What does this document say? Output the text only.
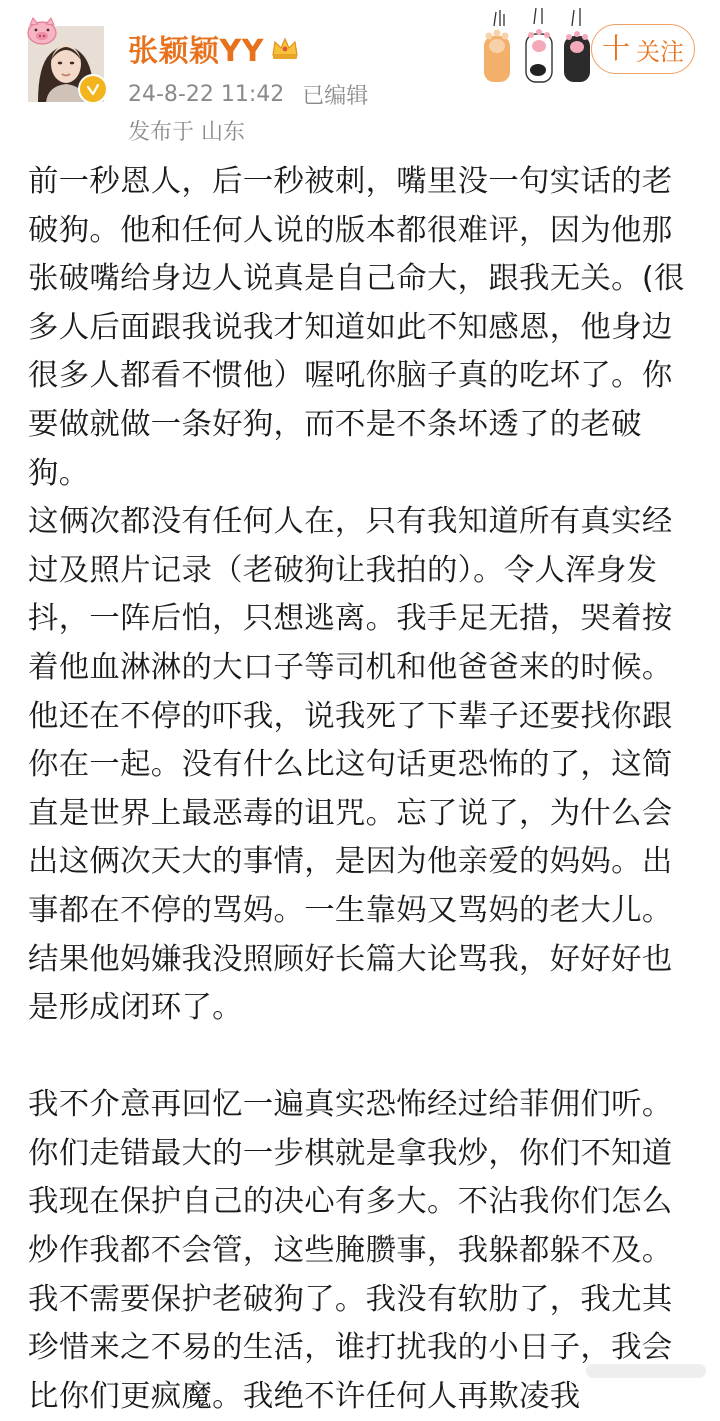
张颖颖YY
24-8-22 11:42 已编辑
发布于 山东
十 关注

前一秒恩人，后一秒被刺，嘴里没一句实话的老破狗。他和任何人说的版本都很难评，因为他那张破嘴给身边人说真是自己命大，跟我无关。(很多人后面跟我说我才知道如此不知感恩，他身边很多人都看不惯他）喔吼你脑子真的吃坏了。你要做就做一条好狗，而不是不条坏透了的老破狗。

这俩次都没有任何人在，只有我知道所有真实经过及照片记录（老破狗让我拍的）。令人浑身发抖，一阵后怕，只想逃离。我手足无措，哭着按着他血淋淋的大口子等司机和他爸爸来的时候。他还在不停的吓我，说我死了下辈子还要找你跟你在一起。没有什么比这句话更恐怖的了，这简直是世界上最恶毒的诅咒。忘了说了，为什么会出这俩次天大的事情，是因为他亲爱的妈妈。出事都在不停的骂妈。一生靠妈又骂妈的老大儿。结果他妈嫌我没照顾好长篇大论骂我，好好好也是形成闭环了。

我不介意再回忆一遍真实恐怖经过给菲佣们听。你们走错最大的一步棋就是拿我炒，你们不知道我现在保护自己的决心有多大。不沾我你们怎么炒作我都不会管，这些腌臜事，我躲都躲不及。我不需要保护老破狗了。我没有软肋了，我尤其珍惜来之不易的生活，谁打扰我的小日子，我会比你们更疯魔。我绝不许任何人再欺凌我
